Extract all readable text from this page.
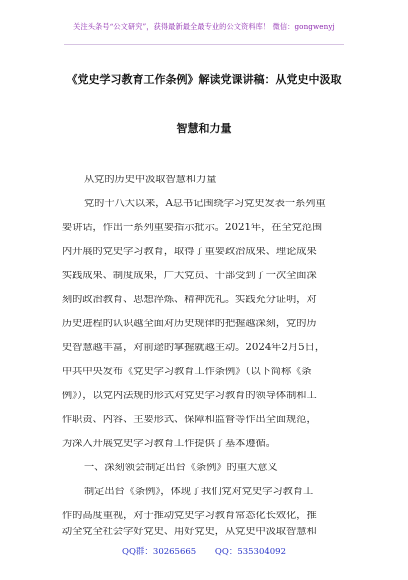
关注头条号“公文研究”，获得最新最全最专业的公文资料库！ 微信：gongwenyj
《党史学习教育工作条例》解读党课讲稿：从党史中汲取
智慧和力量
从党的历史中汲取智慧和力量
党的十八大以来，A总书记围绕学习党史发表一系列重
要讲话，作出一系列重要指示批示。2021年，在全党范围
内开展的党史学习教育，取得了重要政治成果、理论成果
实践成果、制度成果，广大党员、干部受到了一次全面深
刻的政治教育、思想淬炼、精神洗礼。实践充分证明，对
历史进程的认识越全面对历史规律的把握越深刻，党的历
史智慧越丰富，对前途的掌握就越主动。2024年2月5日，
中共中央发布《党史学习教育工作条例》（以下简称《条
例》），以党内法规的形式对党史学习教育的领导体制和工
作职责、内容、主要形式、保障和监督等作出全面规范，
为深入开展党史学习教育工作提供了基本遵循。
一、深刻领会制定出台《条例》的重大意义
制定出台《条例》，体现了我们党对党史学习教育工
作的高度重视，对于推动党史学习教育常态化长效化，推
动全党全社会学好党史、用好党史，从党史中汲取智慧和
QQ群：30265665 QQ：535304092
